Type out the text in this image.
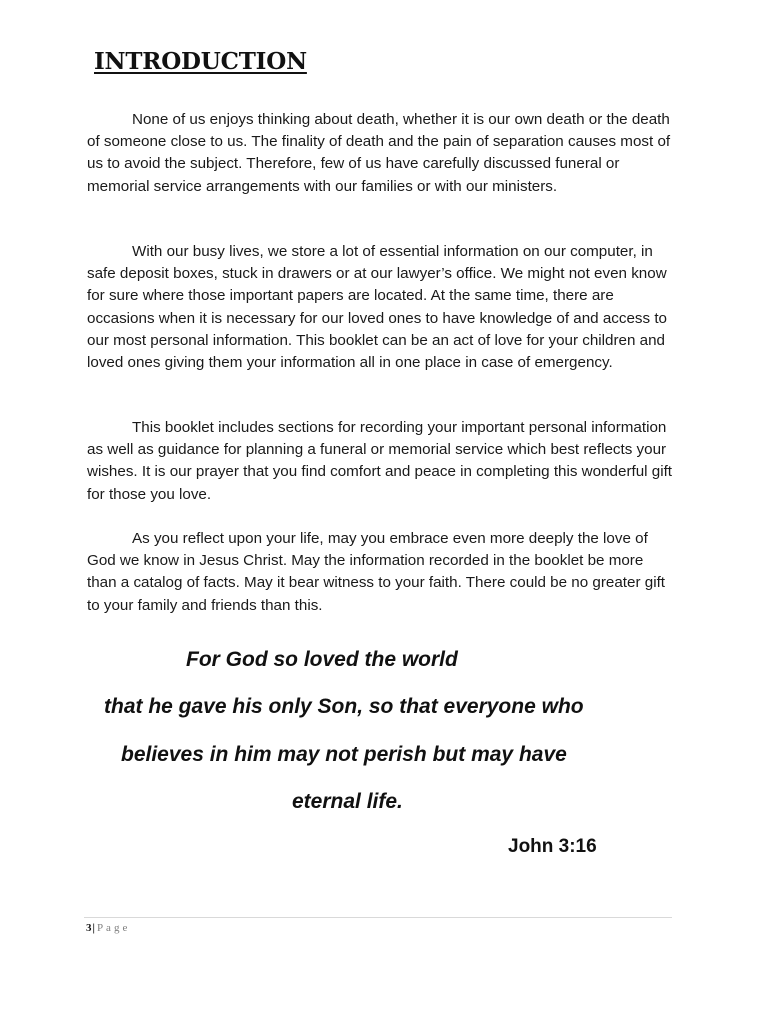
INTRODUCTION

None of us enjoys thinking about death, whether it is our own death or the death of someone close to us. The finality of death and the pain of separation causes most of us to avoid the subject. Therefore, few of us have carefully discussed funeral or memorial service arrangements with our families or with our ministers.

With our busy lives, we store a lot of essential information on our computer, in safe deposit boxes, stuck in drawers or at our lawyer’s office. We might not even know for sure where those important papers are located. At the same time, there are occasions when it is necessary for our loved ones to have knowledge of and access to our most personal information. This booklet can be an act of love for your children and loved ones giving them your information all in one place in case of emergency.

This booklet includes sections for recording your important personal information as well as guidance for planning a funeral or memorial service which best reflects your wishes. It is our prayer that you find comfort and peace in completing this wonderful gift for those you love.

As you reflect upon your life, may you embrace even more deeply the love of God we know in Jesus Christ. May the information recorded in the booklet be more than a catalog of facts. May it bear witness to your faith. There could be no greater gift to your family and friends than this.

For God so loved the world

that he gave his only Son, so that everyone who

believes in him may not perish but may have

eternal life.

John 3:16

3| Page
